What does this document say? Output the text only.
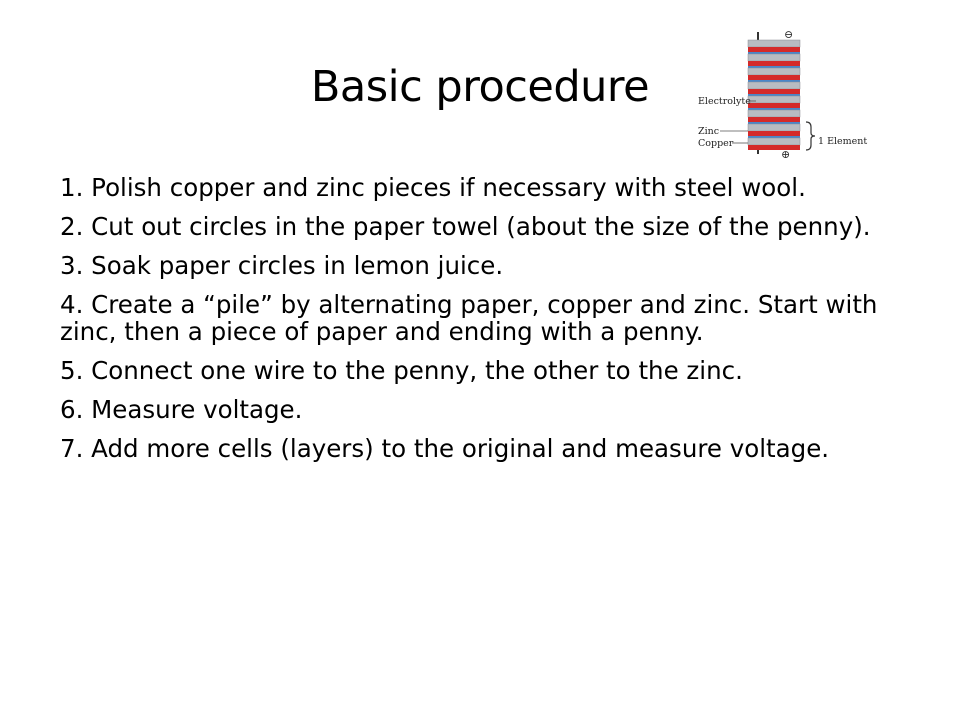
Basic procedure
⊖
⊕
Electrolyte
Zinc
Copper	1 Element
1. Polish copper and zinc pieces if necessary with steel wool.
2. Cut out circles in the paper towel (about the size of the penny).
3. Soak paper circles in lemon juice.
4. Create a “pile” by alternating paper, copper and zinc. Start with zinc, then a piece of paper and ending with a penny.
5. Connect one wire to the penny, the other to the zinc.
6. Measure voltage.
7. Add more cells (layers) to the original and measure voltage.
